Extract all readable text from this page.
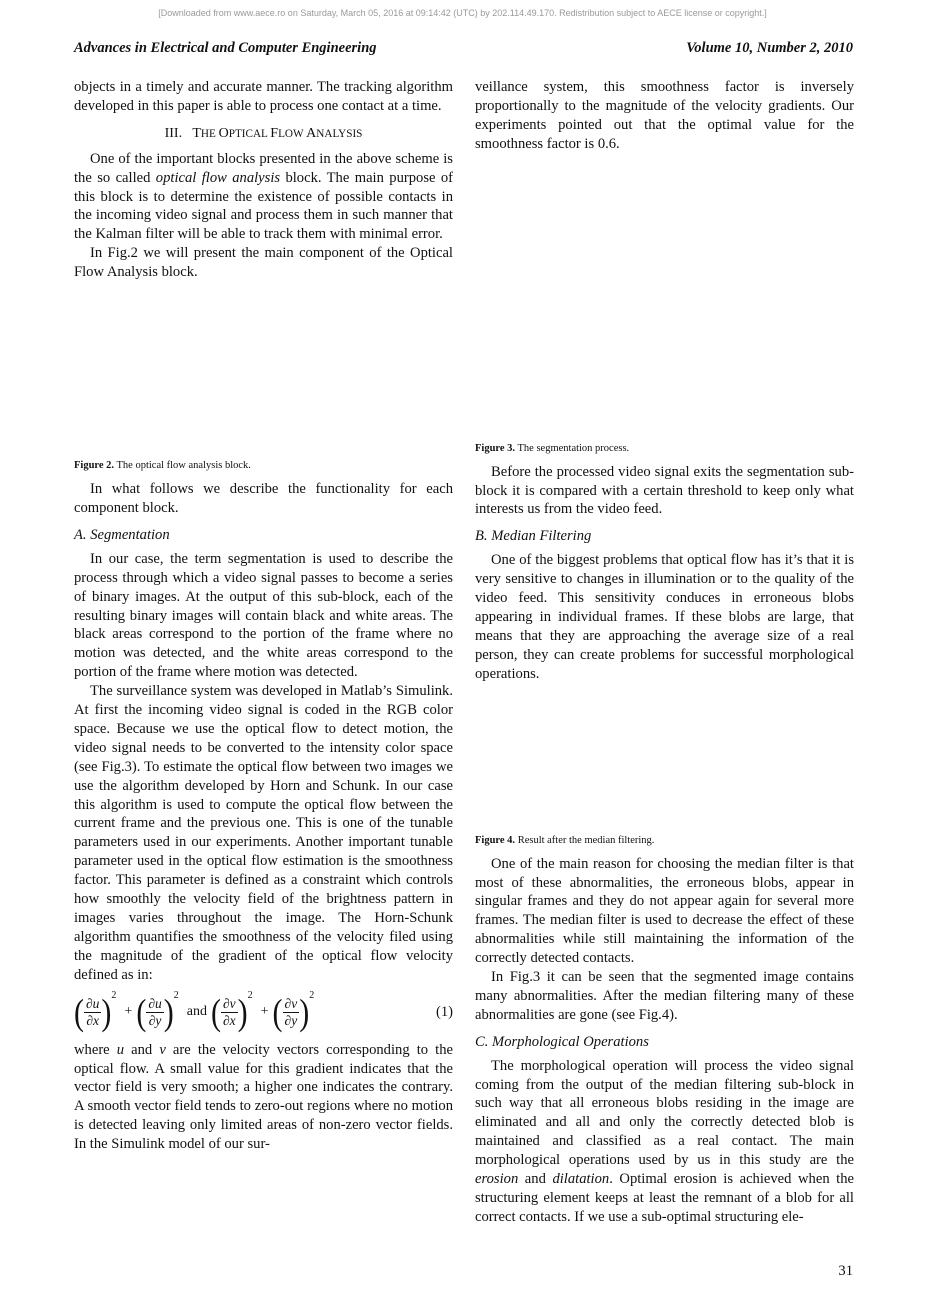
[Downloaded from www.aece.ro on Saturday, March 05, 2016 at 09:14:42 (UTC) by 202.114.49.170. Redistribution subject to AECE license or copyright.]
Advances in Electrical and Computer Engineering	Volume 10, Number 2, 2010

objects in a timely and accurate manner. The tracking algorithm developed in this paper is able to process one contact at a time.

III. THE OPTICAL FLOW ANALYSIS

One of the important blocks presented in the above scheme is the so called optical flow analysis block. The main purpose of this block is to determine the existence of possible contacts in the incoming video signal and process them in such manner that the Kalman filter will be able to track them with minimal error.

In Fig.2 we will present the main component of the Optical Flow Analysis block.

Figure 2. The optical flow analysis block.

In what follows we describe the functionality for each component block.

A. Segmentation

In our case, the term segmentation is used to describe the process through which a video signal passes to become a series of binary images. At the output of this sub-block, each of the resulting binary images will contain black and white areas. The black areas correspond to the portion of the frame where no motion was detected, and the white areas correspond to the portion of the frame where motion was detected.

The surveillance system was developed in Matlab’s Simulink. At first the incoming video signal is coded in the RGB color space. Because we use the optical flow to detect motion, the video signal needs to be converted to the intensity color space (see Fig.3). To estimate the optical flow between two images we use the algorithm developed by Horn and Schunk. In our case this algorithm is used to compute the optical flow between the current frame and the previous one. This is one of the tunable parameters used in our experiments. Another important tunable parameter used in the optical flow estimation is the smoothness factor. This parameter is defined as a constraint which controls how smoothly the velocity field of the brightness pattern in images varies throughout the image. The Horn-Schunk algorithm quantifies the smoothness of the velocity filed using the magnitude of the gradient of the optical flow velocity defined as in:

( $\frac{\partial u}{\partial x}$ ) 2
+ ( $\frac{\partial u}{\partial y}$ ) 2
and ( $\frac{\partial v}{\partial x}$ ) 2
+ ( $\frac{\partial v}{\partial y}$ ) 2
(1)

where u and v are the velocity vectors corresponding to the optical flow. A small value for this gradient indicates that the vector field is very smooth; a higher one indicates the contrary. A smooth vector field tends to zero-out regions where no motion is detected leaving only limited areas of non-zero vector fields. In the Simulink model of our sur-

veillance system, this smoothness factor is inversely proportionally to the magnitude of the velocity gradients. Our experiments pointed out that the optimal value for the smoothness factor is 0.6.

Figure 3. The segmentation process.

Before the processed video signal exits the segmentation sub-block it is compared with a certain threshold to keep only what interests us from the video feed.

B. Median Filtering

One of the biggest problems that optical flow has it’s that it is very sensitive to changes in illumination or to the quality of the video feed. This sensitivity conduces in erroneous blobs appearing in individual frames. If these blobs are large, that means that they are approaching the average size of a real person, they can create problems for successful morphological operations.

Figure 4. Result after the median filtering.

One of the main reason for choosing the median filter is that most of these abnormalities, the erroneous blobs, appear in singular frames and they do not appear again for several more frames. The median filter is used to decrease the effect of these abnormalities while still maintaining the information of the correctly detected contacts.

In Fig.3 it can be seen that the segmented image contains many abnormalities. After the median filtering many of these abnormalities are gone (see Fig.4).

C. Morphological Operations

The morphological operation will process the video signal coming from the output of the median filtering sub-block in such way that all erroneous blobs residing in the image are eliminated and all and only the correctly detected blob is maintained and classified as a real contact. The main morphological operations used by us in this study are the erosion and dilatation. Optimal erosion is achieved when the structuring element keeps at least the remnant of a blob for all correct contacts. If we use a sub-optimal structuring ele-

31
